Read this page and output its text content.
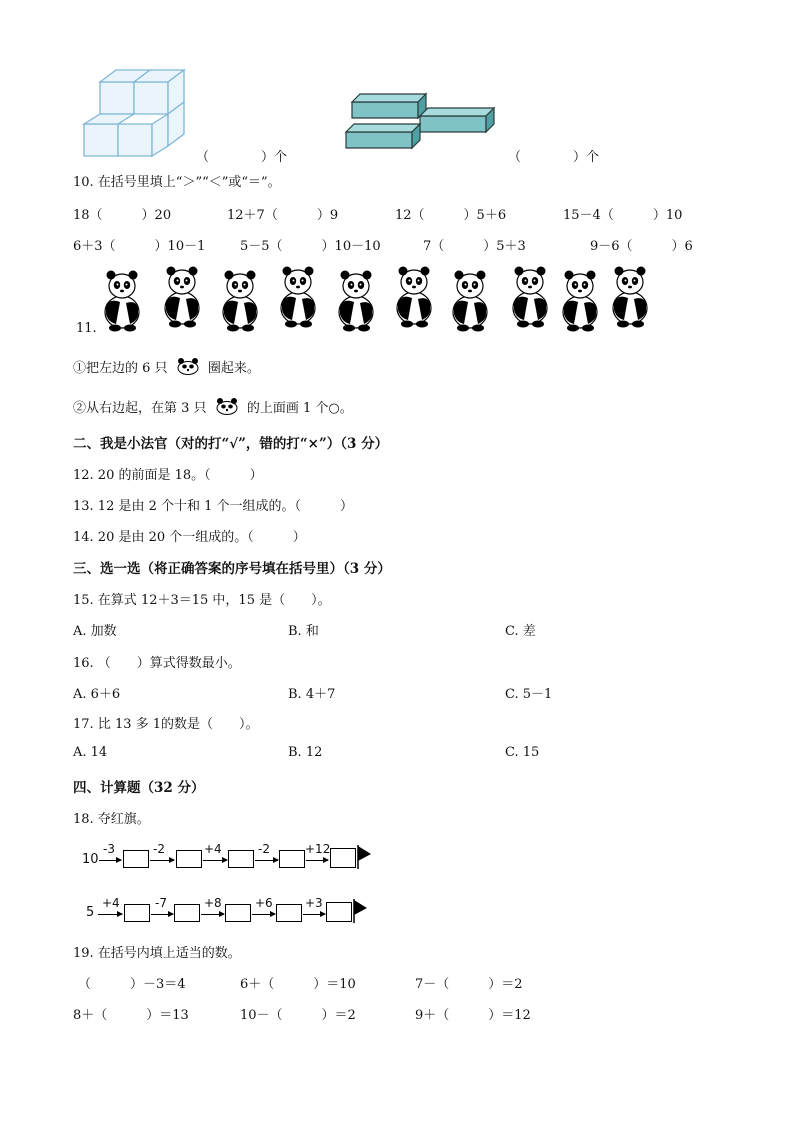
（　　　　）个	（　　　　）个
10. 在括号里填上“＞”“＜”或“＝”。
18（　　　）20	12＋7（　　　）9	12（　　　）5＋6	15－4（　　　）10
6＋3（　　　）10－1	5－5（　　　）10－10	7（　　　）5＋3	9－6（　　　）6
11.
①把左边的 6 只	圈起来。
②从右边起，在第 3 只	的上面画 1 个○。
二、我是小法官（对的打“√”，错的打“×”）（3 分）
12. 20 的前面是 18。（　　　）
13. 12 是由 2 个十和 1 个一组成的。（　　　）
14. 20 是由 20 个一组成的。（　　　）
三、选一选（将正确答案的序号填在括号里）（3 分）
15. 在算式 12＋3＝15 中，15 是（　　）。
A. 加数	B. 和	C. 差
16. （　　）算式得数最小。
A. 6＋6	B. 4＋7	C. 5－1
17. 比 13 多 1的数是（　　）。
A. 14	B. 12	C. 15
四、计算题（32 分）
18. 夺红旗。
10
-3	-2	+4	-2	+12
5
+4	-7	+8	+6	+3
19. 在括号内填上适当的数。
（　　　）－3＝4	6＋（　　　）＝10	7－（　　　）＝2
8＋（　　　）＝13	10－（　　　）＝2	9＋（　　　）＝12
